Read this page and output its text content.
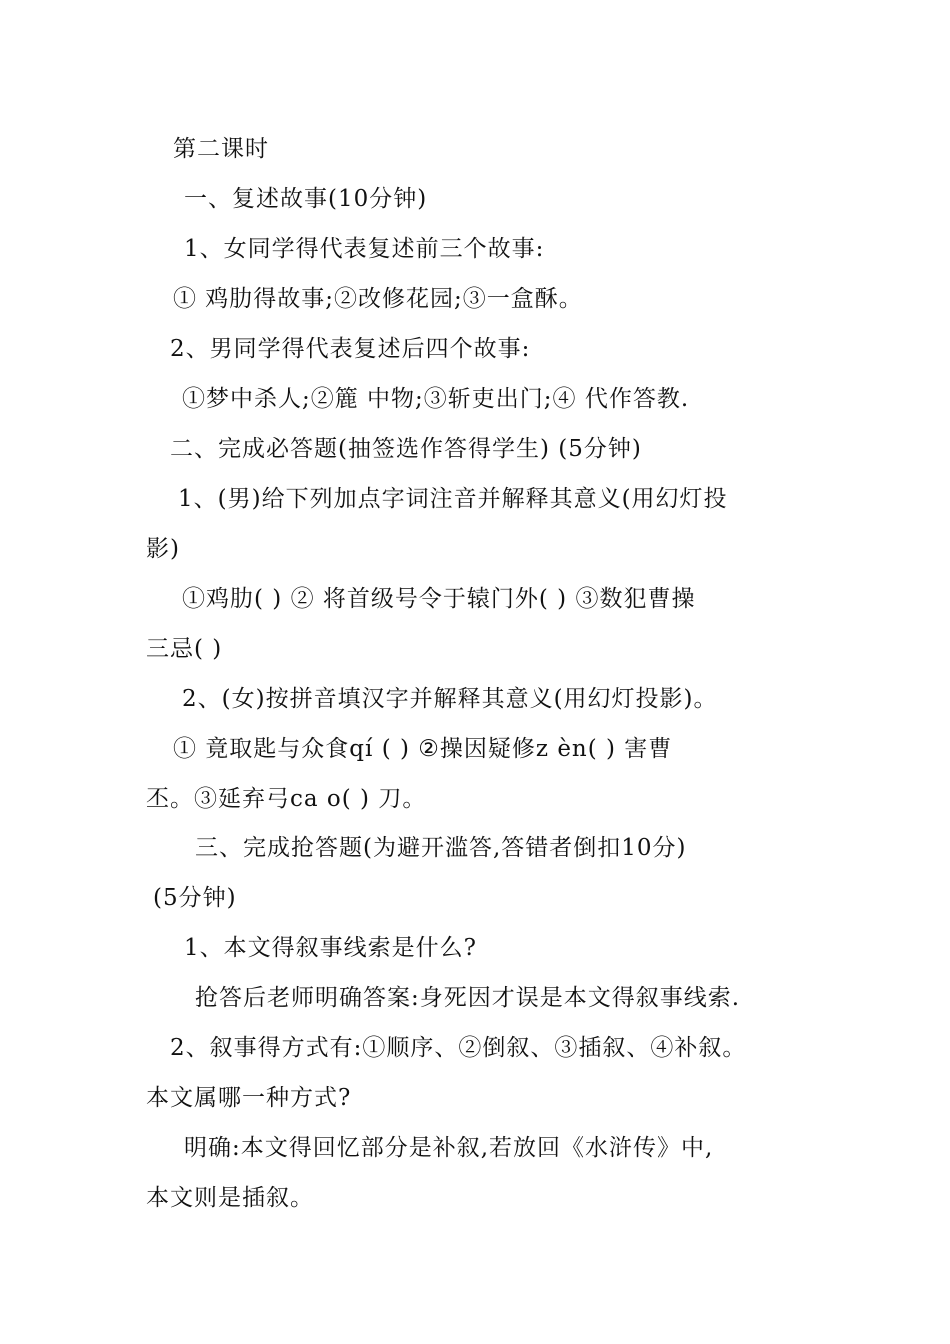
第二课时
一、复述故事(10分钟)
1、女同学得代表复述前三个故事:
① 鸡肋得故事;②改修花园;③一盒酥。
2、男同学得代表复述后四个故事:
①梦中杀人;②簏 中物;③斩吏出门;④ 代作答教.
二、完成必答题(抽签选作答得学生) (5分钟)
1、(男)给下列加点字词注音并解释其意义(用幻灯投
影)
①鸡肋( ) ② 将首级号令于辕门外( ) ③数犯曹操
三忌( )
2、(女)按拼音填汉字并解释其意义(用幻灯投影)。
① 竟取匙与众食qí ( ) ②操因疑修z èn( ) 害曹
丕。③延弃弓ca o( ) 刀。
三、完成抢答题(为避开滥答,答错者倒扣10分)
(5分钟)
1、本文得叙事线索是什么?
抢答后老师明确答案:身死因才误是本文得叙事线索.
2、叙事得方式有:①顺序、②倒叙、③插叙、④补叙。
本文属哪一种方式?
明确:本文得回忆部分是补叙,若放回《水浒传》中,
本文则是插叙。
